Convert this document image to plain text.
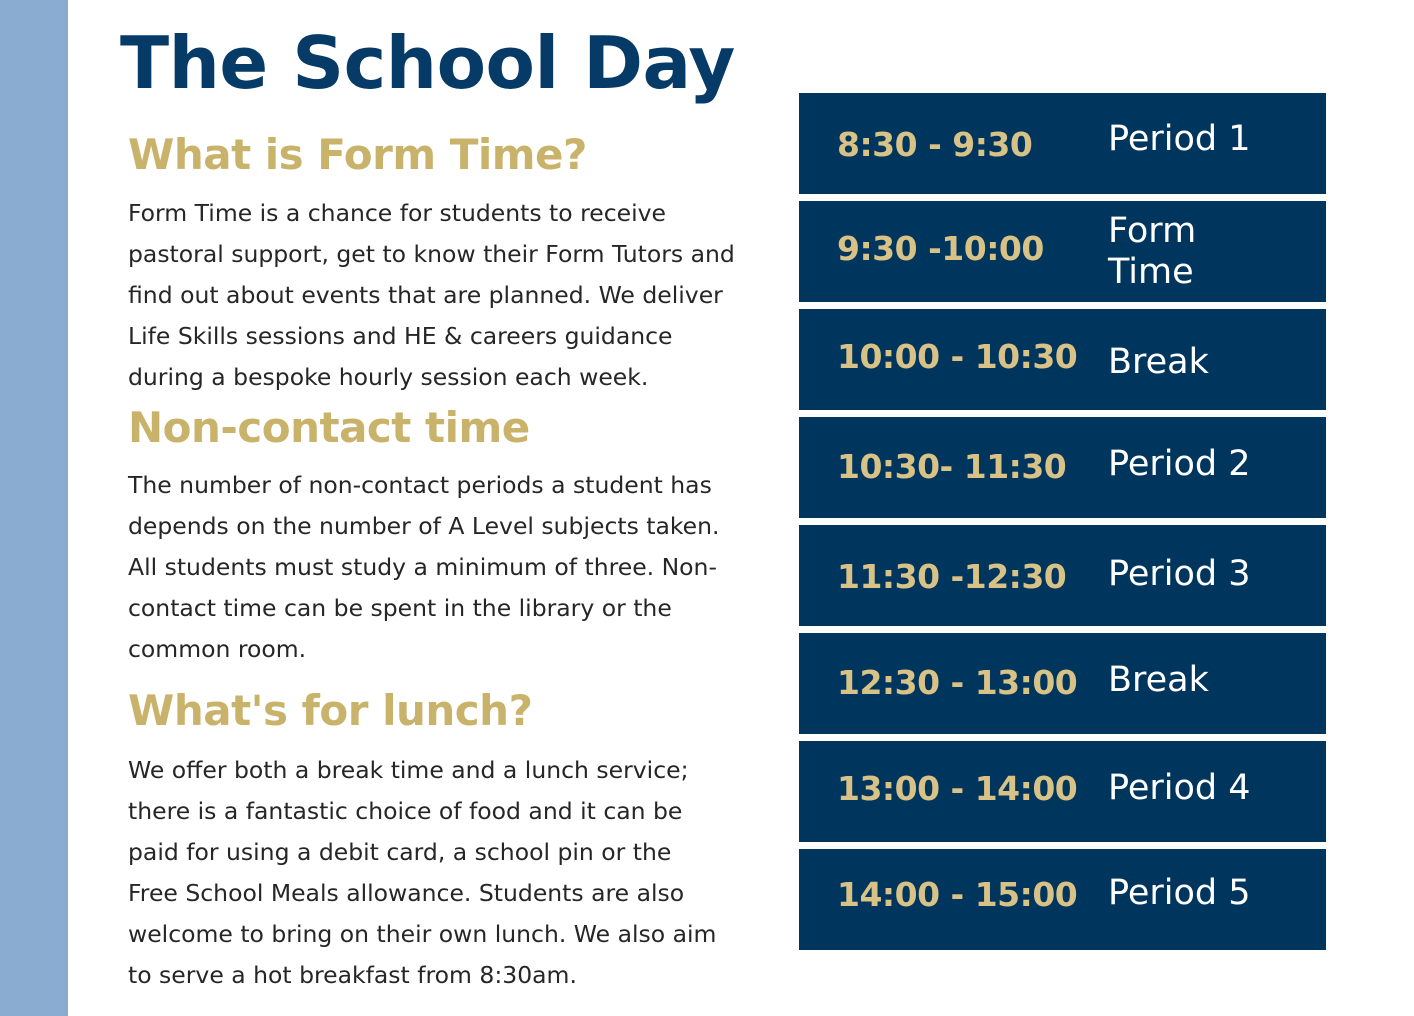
The School Day
What is Form Time?
Form Time is a chance for students to receive
pastoral support, get to know their Form Tutors and
find out about events that are planned. We deliver
Life Skills sessions and HE & careers guidance
during a bespoke hourly session each week.
Non-contact time
The number of non-contact periods a student has
depends on the number of A Level subjects taken.
All students must study a minimum of three. Non-
contact time can be spent in the library or the
common room.
What's for lunch?
We offer both a break time and a lunch service;
there is a fantastic choice of food and it can be
paid for using a debit card, a school pin or the
Free School Meals allowance. Students are also
welcome to bring on their own lunch. We also aim
to serve a hot breakfast from 8:30am.
8:30 - 9:30 Period 1
9:30 -10:00 Form
Time
10:00 - 10:30 Break
10:30- 11:30 Period 2
11:30 -12:30 Period 3
12:30 - 13:00 Break
13:00 - 14:00 Period 4
14:00 - 15:00 Period 5
